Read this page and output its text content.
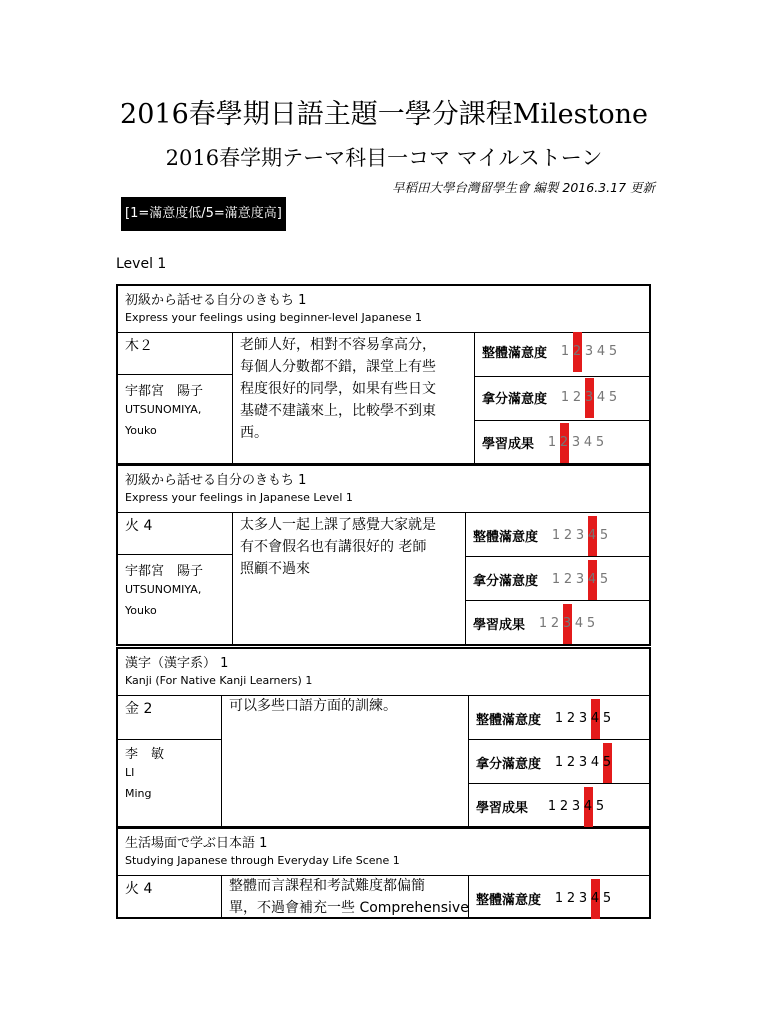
2016春學期日語主題一學分課程Milestone
2016春学期テーマ科目一コマ マイルストーン
早稻田大學台灣留學生會 編製 2016.3.17 更新
[1=滿意度低/5=滿意度高]
Level 1
初級から話せる自分のきもち 1
Express your feelings using beginner-level Japanese 1
木２
宇都宮　陽子
UTSUNOMIYA,
Youko
老師人好，相對不容易拿高分，
每個人分數都不錯，課堂上有些
程度很好的同學，如果有些日文
基礎不建議來上，比較學不到東
西。
整體滿意度 1 2 3 4 5
拿分滿意度 1 2 3 4 5
學習成果 1 2 3 4 5
初級から話せる自分のきもち 1
Express your feelings in Japanese Level 1
火 4
宇都宮　陽子
UTSUNOMIYA,
Youko
太多人一起上課了感覺大家就是
有不會假名也有講很好的 老師
照顧不過來
整體滿意度 1 2 3 4 5
拿分滿意度 1 2 3 4 5
學習成果 1 2 3 4 5
漢字（漢字系） 1
Kanji (For Native Kanji Learners) 1
金 2
李　敏
LI
Ming
可以多些口語方面的訓練。
整體滿意度 1 2 3 4 5
拿分滿意度 1 2 3 4 5
學習成果 1 2 3 4 5
生活場面で学ぶ日本語 1
Studying Japanese through Everyday Life Scene 1
火 4	整體而言課程和考試難度都偏簡
單，不過會補充一些 Comprehensive 整體滿意度 1 2 3 4 5
